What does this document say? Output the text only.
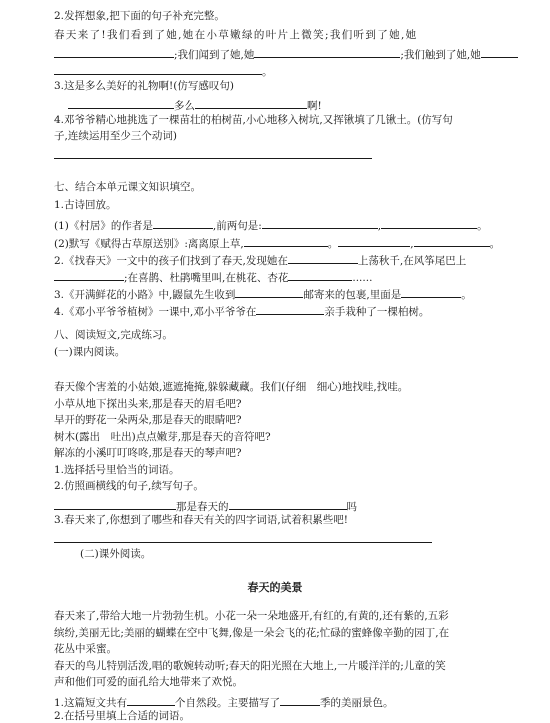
2.发挥想象,把下面的句子补充完整。
春天来了!我们看到了她,她在小草嫩绿的叶片上微笑;我们听到了她,她
;我们闻到了她,她	;我们触到了她,她
。
3.这是多么美好的礼物啊!(仿写感叹句)
多么	啊!
4.邓爷爷精心地挑选了一棵苗壮的柏树苗,小心地移入树坑,又挥锹填了几锹土。(仿写句
子,连续运用至少三个动词)
七、结合本单元课文知识填空。
1.古诗回放。
(1)《村居》的作者是	,前两句是:	,	。
(2)默写《赋得古草原送别》:离离原上草,	。	,	。
2.《找春天》一文中的孩子们找到了春天,发现她在	上荡秋千,在风筝尾巴上
;在喜鹊、杜鹃嘴里叫,在桃花、杏花	......
3.《开满鲜花的小路》中,鼹鼠先生收到	邮寄来的包裹,里面是	。
4.《邓小平爷爷植树》一课中,邓小平爷爷在	亲手栽种了一棵柏树。
八、阅读短文,完成练习。
(一)课内阅读。
春天像个害羞的小姑娘,遮遮掩掩,躲躲藏藏。我们(仔细　细心)地找哇,找哇。
小草从地下探出头来,那是春天的眉毛吧?
早开的野花一朵两朵,那是春天的眼睛吧?
树木(露出　吐出)点点嫩芽,那是春天的音符吧?
解冻的小溪叮叮咚咚,那是春天的琴声吧?
1.选择括号里恰当的词语。
2.仿照画横线的句子,续写句子。
那是春天的	吗
3.春天来了,你想到了哪些和春天有关的四字词语,试着积累些吧!
(二)课外阅读。
春天的美景
春天来了,带给大地一片勃勃生机。小花一朵一朵地盛开,有红的,有黄的,还有紫的,五彩
缤纷,美丽无比;美丽的蝴蝶在空中飞舞,像是一朵会飞的花;忙碌的蜜蜂像辛勤的园丁,在
花丛中采蜜。
春天的鸟儿特别活泼,唱的歌婉转动听;春天的阳光照在大地上,一片暖洋洋的;儿童的笑
声和他们可爱的面孔给大地带来了欢悦。
1.这篇短文共有	个自然段。主要描写了	季的美丽景色。
2.在括号里填上合适的词语。
